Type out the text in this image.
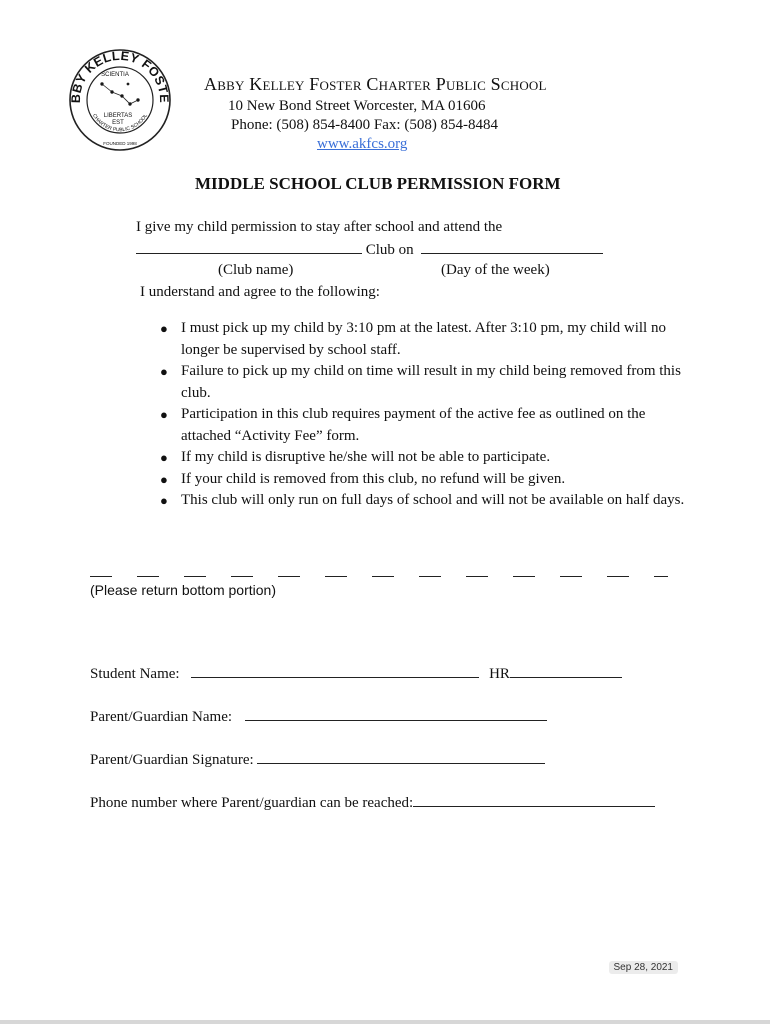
BBY KELLEY FOSTE
SCIENTIA
LIBERTAS
EST
CHARTER PUBLIC SCHOOL
FOUNDED 1998
Abby Kelley Foster Charter Public School
10 New Bond Street Worcester, MA 01606
Phone: (508) 854-8400 Fax: (508) 854-8484
www.akfcs.org
MIDDLE SCHOOL CLUB PERMISSION FORM
I give my child permission to stay after school and attend the
Club on
(Club name)	(Day of the week)
I understand and agree to the following:
● I must pick up my child by 3:10 pm at the latest. After 3:10 pm, my child will no longer be supervised by school staff.
● Failure to pick up my child on time will result in my child being removed from this club.
● Participation in this club requires payment of the active fee as outlined on the attached “Activity Fee” form.
● If my child is disruptive he/she will not be able to participate.
● If your child is removed from this club, no refund will be given.
● This club will only run on full days of school and will not be available on half days.
(Please return bottom portion)
Student Name:	HR
Parent/Guardian Name:
Parent/Guardian Signature:
Phone number where Parent/guardian can be reached:
Sep 28, 2021
